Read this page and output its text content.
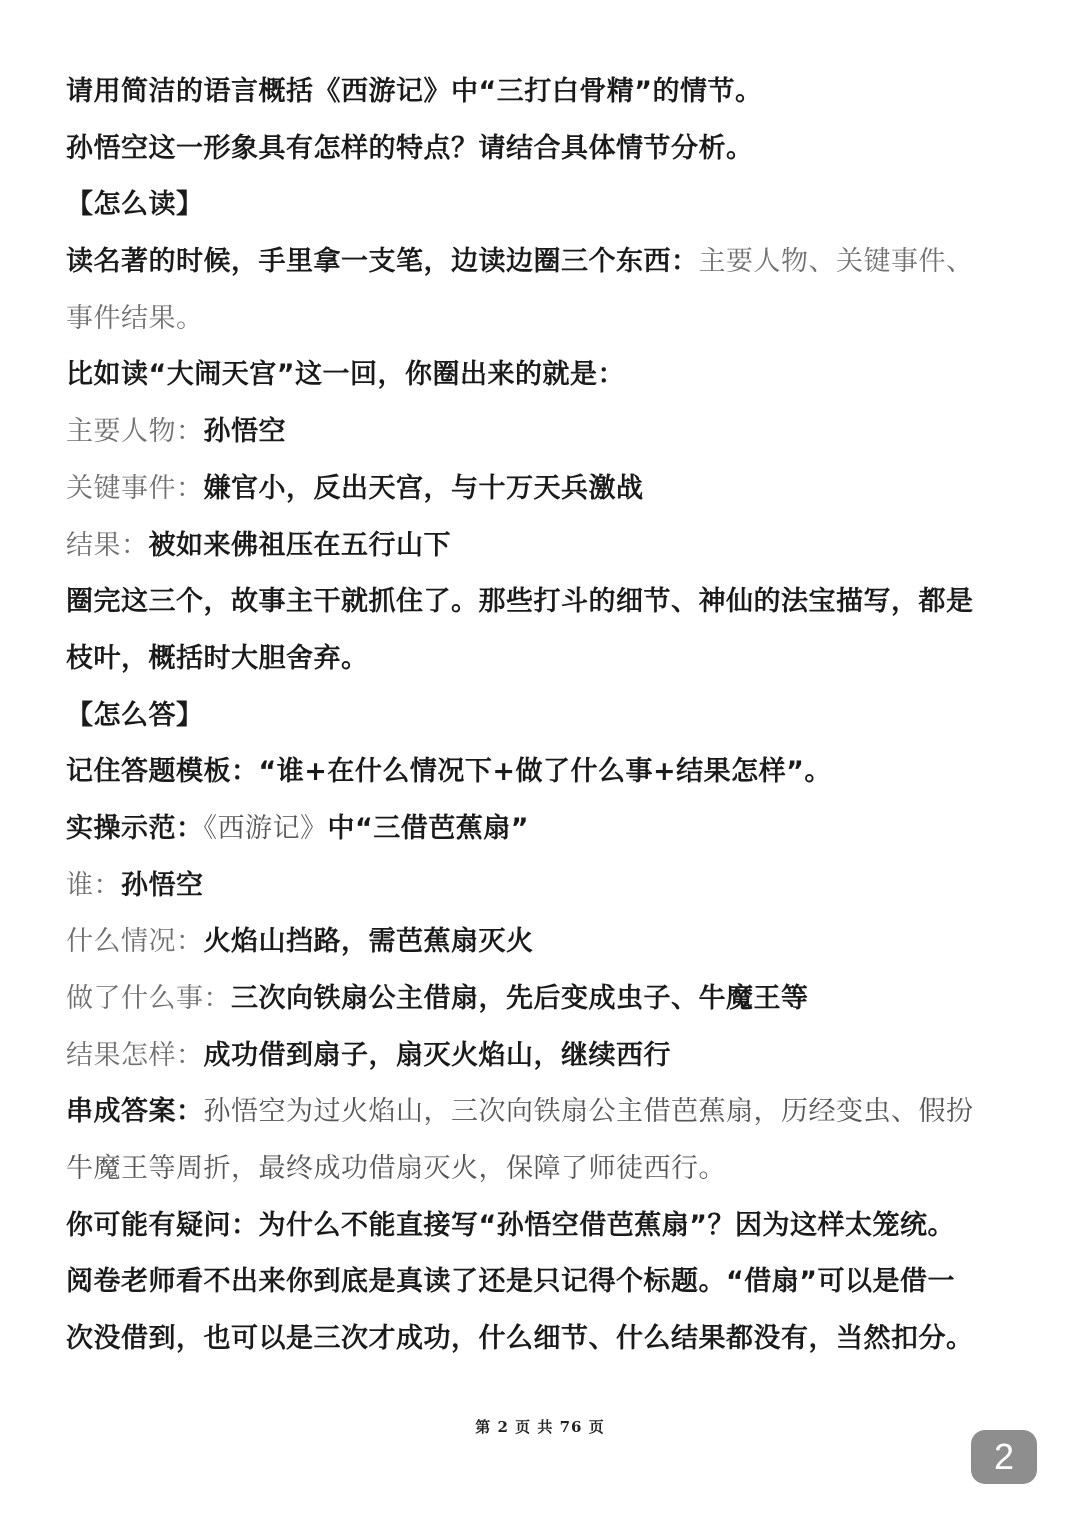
请用简洁的语言概括《西游记》中“三打白骨精”的情节。
孙悟空这一形象具有怎样的特点？请结合具体情节分析。
【怎么读】
读名著的时候，手里拿一支笔，边读边圈三个东西：主要人物、关键事件、
事件结果。
比如读“大闹天宫”这一回，你圈出来的就是：
主要人物：孙悟空
关键事件：嫌官小，反出天宫，与十万天兵激战
结果：被如来佛祖压在五行山下
圈完这三个，故事主干就抓住了。那些打斗的细节、神仙的法宝描写，都是
枝叶，概括时大胆舍弃。
【怎么答】
记住答题模板：“谁+在什么情况下+做了什么事+结果怎样”。
实操示范：《西游记》中“三借芭蕉扇”
谁：孙悟空
什么情况：火焰山挡路，需芭蕉扇灭火
做了什么事：三次向铁扇公主借扇，先后变成虫子、牛魔王等
结果怎样：成功借到扇子，扇灭火焰山，继续西行
串成答案：孙悟空为过火焰山，三次向铁扇公主借芭蕉扇，历经变虫、假扮
牛魔王等周折，最终成功借扇灭火，保障了师徒西行。
你可能有疑问：为什么不能直接写“孙悟空借芭蕉扇”？因为这样太笼统。
阅卷老师看不出来你到底是真读了还是只记得个标题。“借扇”可以是借一
次没借到，也可以是三次才成功，什么细节、什么结果都没有，当然扣分。
第 2 页 共 76 页
2
